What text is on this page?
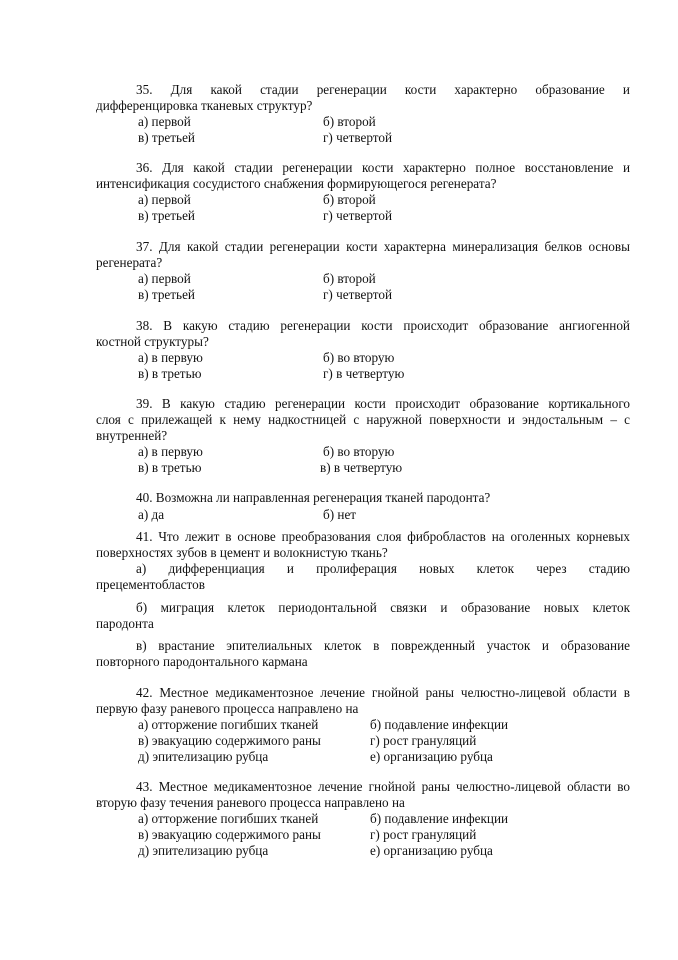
35. Для какой стадии регенерации кости характерно образование и
дифференцировка тканевых структур?
а) первой	б) второй
в) третьей	г) четвертой
36. Для какой стадии регенерации кости характерно полное восстановление и
интенсификация сосудистого снабжения формирующегося регенерата?
а) первой	б) второй
в) третьей	г) четвертой
37. Для какой стадии регенерации кости характерна минерализация белков основы
регенерата?
а) первой	б) второй
в) третьей	г) четвертой
38. В какую стадию регенерации кости происходит образование ангиогенной
костной структуры?
а) в первую	б) во вторую
в) в третью	г) в четвертую
39. В какую стадию регенерации кости происходит образование кортикального
слоя с прилежащей к нему надкостницей с наружной поверхности и эндостальным – с
внутренней?
а) в первую	б) во вторую
в) в третью	в) в четвертую
40. Возможна ли направленная регенерация тканей пародонта?
а) да	б) нет
41. Что лежит в основе преобразования слоя фибробластов на оголенных корневых
поверхностях зубов в цемент и волокнистую ткань?
а) дифференциация и пролиферация новых клеток через стадию
прецементобластов
б) миграция клеток периодонтальной связки и образование новых клеток
пародонта
в) врастание эпителиальных клеток в поврежденный участок и образование
повторного пародонтального кармана
42. Местное медикаментозное лечение гнойной раны челюстно-лицевой области в
первую фазу раневого процесса направлено на
а) отторжение погибших тканей	б) подавление инфекции
в) эвакуацию содержимого раны	г) рост грануляций
д) эпителизацию рубца	е) организацию рубца
43. Местное медикаментозное лечение гнойной раны челюстно-лицевой области во
вторую фазу течения раневого процесса направлено на
а) отторжение погибших тканей	б) подавление инфекции
в) эвакуацию содержимого раны	г) рост грануляций
д) эпителизацию рубца	е) организацию рубца
